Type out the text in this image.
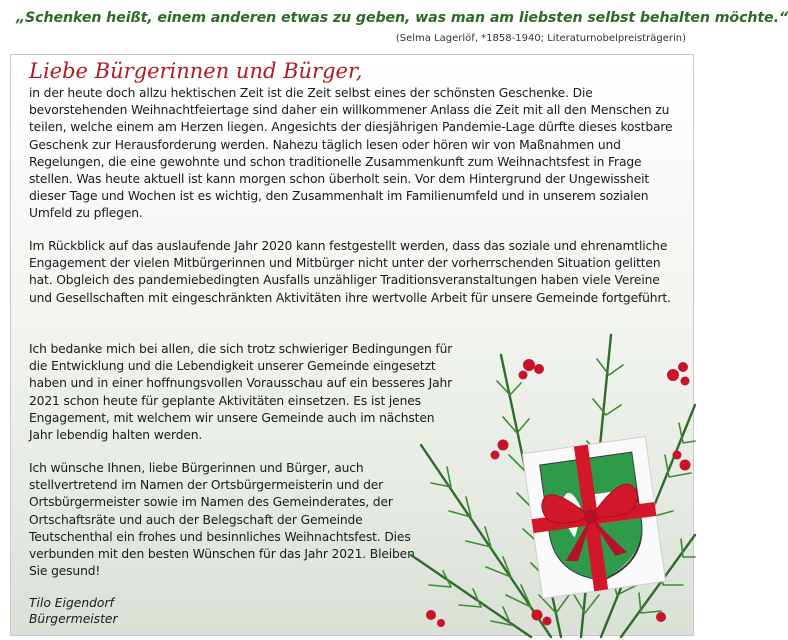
„Schenken heißt, einem anderen etwas zu geben, was man am liebsten selbst behalten möchte.“
(Selma Lagerlöf, *1858-1940; Literaturnobelpreisträgerin)
Liebe Bürgerinnen und Bürger,

in der heute doch allzu hektischen Zeit ist die Zeit selbst eines der schönsten Geschenke. Die bevorstehenden Weihnachtfeiertage sind daher ein willkommener Anlass die Zeit mit all den Menschen zu teilen, welche einem am Herzen liegen. Angesichts der diesjährigen Pandemie-Lage dürfte dieses kostbare Geschenk zur Herausforderung werden. Nahezu täglich lesen oder hören wir von Maßnahmen und Regelungen, die eine gewohnte und schon traditionelle Zusammenkunft zum Weihnachtsfest in Frage stellen. Was heute aktuell ist kann morgen schon überholt sein. Vor dem Hintergrund der Ungewissheit dieser Tage und Wochen ist es wichtig, den Zusammenhalt im Familienumfeld und in unserem sozialen Umfeld zu pflegen.

Im Rückblick auf das auslaufende Jahr 2020 kann festgestellt werden, dass das soziale und ehrenamtliche Engagement der vielen Mitbürgerinnen und Mitbürger nicht unter der vorherrschenden Situation gelitten hat. Obgleich des pandemiebedingten Ausfalls unzähliger Traditionsveranstaltungen haben viele Vereine und Gesellschaften mit eingeschränkten Aktivitäten ihre wertvolle Arbeit für unsere Gemeinde fortgeführt.

Ich bedanke mich bei allen, die sich trotz schwieriger Bedingungen für die Entwicklung und die Lebendigkeit unserer Gemeinde eingesetzt haben und in einer hoffnungsvollen Vorausschau auf ein besseres Jahr 2021 schon heute für geplante Aktivitäten einsetzen. Es ist jenes Engagement, mit welchem wir unsere Gemeinde auch im nächsten Jahr lebendig halten werden.

Ich wünsche Ihnen, liebe Bürgerinnen und Bürger, auch stellvertretend im Namen der Ortsbürgermeisterin und der Ortsbürgermeister sowie im Namen des Gemeinderates, der Ortschaftsräte und auch der Belegschaft der Gemeinde Teutschenthal ein frohes und besinnliches Weihnachtsfest. Dies verbunden mit den besten Wünschen für das Jahr 2021. Bleiben Sie gesund!

Tilo Eigendorf
Bürgermeister
